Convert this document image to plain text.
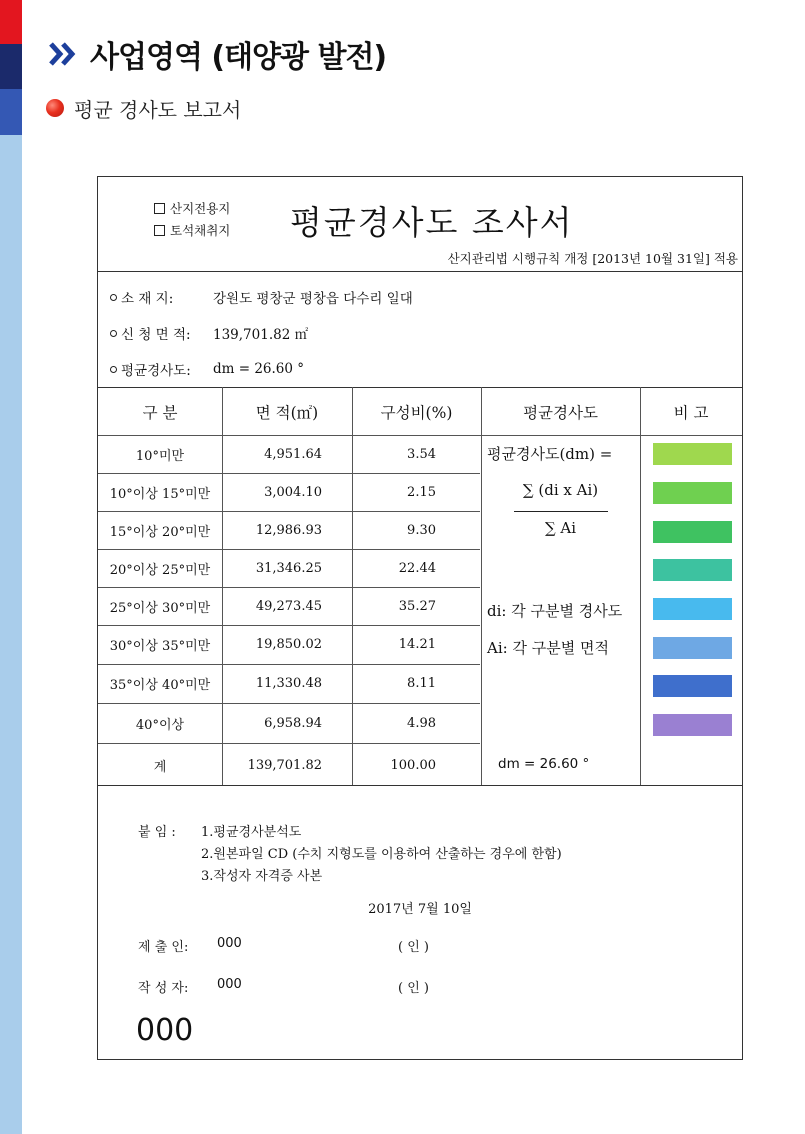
사업영역 (태양광 발전)
평균 경사도 보고서
산지전용지
토석채취지 평균경사도 조사서
산지관리법 시행규칙 개정 [2013년 10월 31일] 적용
소 재 지:	강원도 평창군 평창읍 다수리 일대
신 청 면 적:	139,701.82 ㎡
평균경사도:	dm = 26.60 °
구 분	면 적(㎡)	구성비(%)	평균경사도	비 고
10°미만	4,951.64	3.54
10°이상 15°미만	3,004.10	2.15
15°이상 20°미만	12,986.93	9.30
20°이상 25°미만	31,346.25	22.44
25°이상 30°미만	49,273.45	35.27
30°이상 35°미만	19,850.02	14.21
35°이상 40°미만	11,330.48	8.11
40°이상	6,958.94	4.98
계	139,701.82	100.00
평균경사도(dm) =
∑ (di x Ai)
∑ Ai
di: 각 구분별 경사도
Ai: 각 구분별 면적
dm = 26.60 °
붙 임 : 1.평균경사분석도
2.원본파일 CD (수치 지형도를 이용하여 산출하는 경우에 한함)
3.작성자 자격증 사본
2017년 7월 10일
제 출 인: 000	( 인 )
작 성 자: 000	( 인 )
000
